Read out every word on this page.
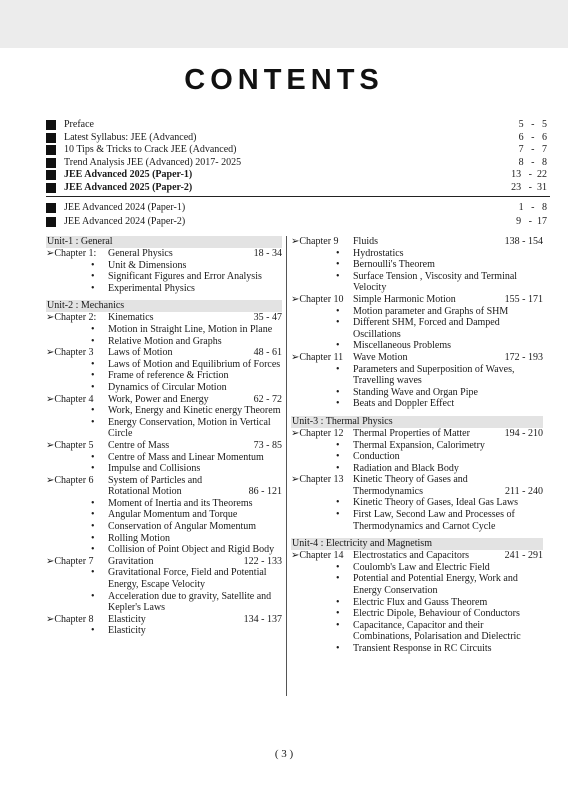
CONTENTS
Preface	5   -   5
Latest Syllabus: JEE (Advanced)	6   -   6
10 Tips & Tricks to Crack JEE (Advanced)	7   -   7
Trend Analysis JEE (Advanced) 2017- 2025	8   -   8
JEE Advanced 2025 (Paper-1)	13   -  22
JEE Advanced 2025 (Paper-2)	23   -  31
JEE Advanced 2024 (Paper-1)	1   -   8
JEE Advanced 2024 (Paper-2)	9   -  17
Unit-1 : General
➢Chapter 1: General Physics	18 - 34
• Unit & Dimensions
• Significant Figures and Error Analysis
• Experimental Physics
Unit-2 : Mechanics
➢Chapter 2: Kinematics	35 - 47
• Motion in Straight Line, Motion in Plane
• Relative Motion and Graphs
➢Chapter 3 Laws of Motion	48 - 61
• Laws of Motion and Equilibrium of Forces
• Frame of reference & Friction
• Dynamics of Circular Motion
➢Chapter 4 Work, Power and Energy	62 - 72
• Work, Energy and Kinetic energy Theorem
• Energy Conservation, Motion in Vertical Circle
➢Chapter 5 Centre of Mass	73 - 85
• Centre of Mass and Linear Momentum
• Impulse and Collisions
➢Chapter 6 System of Particles and Rotational Motion	86 - 121
• Moment of Inertia and its Theorems
• Angular Momentum and Torque
• Conservation of Angular Momentum
• Rolling Motion
• Collision of Point Object and Rigid Body
➢Chapter 7 Gravitation	122 - 133
• Gravitational Force, Field and Potential Energy, Escape Velocity
• Acceleration due to gravity, Satellite and Kepler's Laws
➢Chapter 8 Elasticity	134 - 137
• Elasticity
➢Chapter 9 Fluids	138 - 154
• Hydrostatics
• Bernoulli's Theorem
• Surface Tension , Viscosity and Terminal Velocity
➢Chapter 10 Simple Harmonic Motion	155 - 171
• Motion parameter and Graphs of SHM
• Different SHM, Forced and Damped Oscillations
• Miscellaneous Problems
➢Chapter 11 Wave Motion	172 - 193
• Parameters and Superposition of Waves, Travelling waves
• Standing Wave and Organ Pipe
• Beats and Doppler Effect
Unit-3 : Thermal Physics
➢Chapter 12 Thermal Properties of Matter	194 - 210
• Thermal Expansion, Calorimetry
• Conduction
• Radiation and Black Body
➢Chapter 13 Kinetic Theory of Gases and Thermodynamics	211 - 240
• Kinetic Theory of Gases, Ideal Gas Laws
• First Law, Second Law and Processes of Thermodynamics and Carnot Cycle
Unit-4 : Electricity and Magnetism
➢Chapter 14 Electrostatics and Capacitors	241 - 291
• Coulomb's Law and Electric Field
• Potential and Potential Energy, Work and Energy Conservation
• Electric Flux and Gauss Theorem
• Electric Dipole, Behaviour of Conductors
• Capacitance, Capacitor and their Combinations, Polarisation and Dielectric
• Transient Response in RC Circuits
( 3 )
